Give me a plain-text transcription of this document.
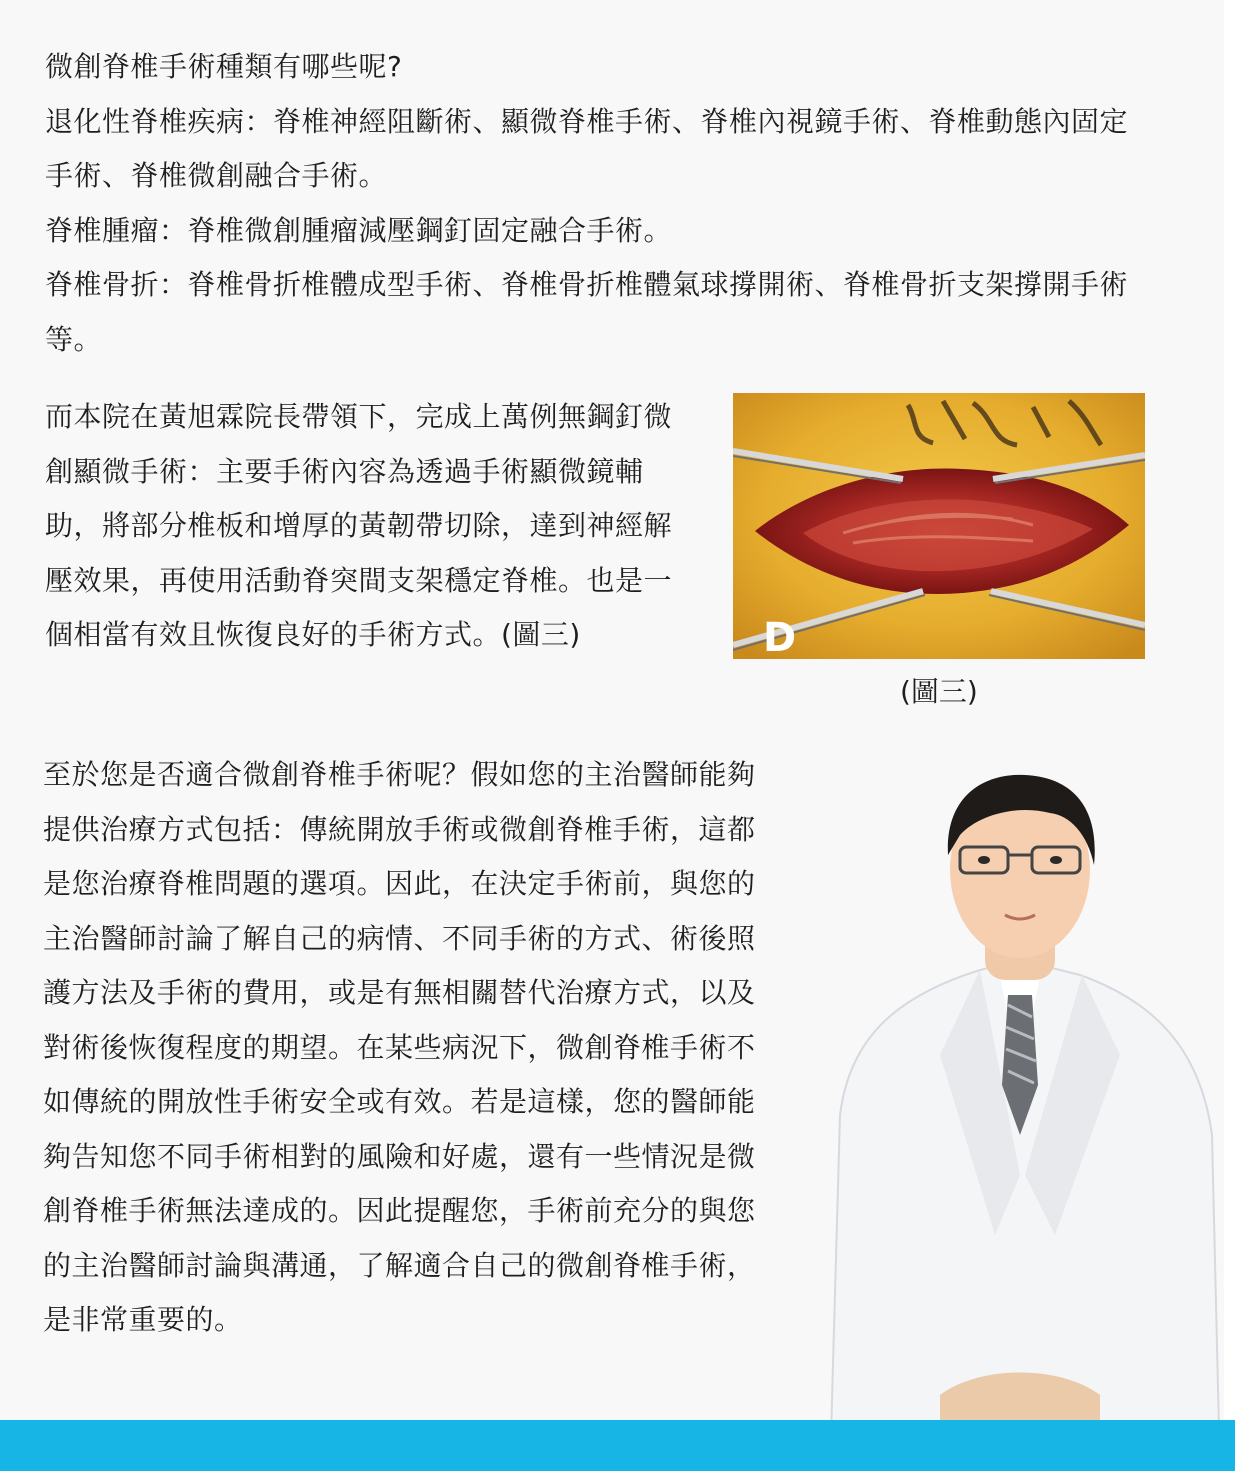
微創脊椎手術種類有哪些呢?

退化性脊椎疾病：脊椎神經阻斷術、顯微脊椎手術、脊椎內視鏡手術、脊椎動態內固定手術、脊椎微創融合手術。

脊椎腫瘤：脊椎微創腫瘤減壓鋼釘固定融合手術。

脊椎骨折：脊椎骨折椎體成型手術、脊椎骨折椎體氣球撐開術、脊椎骨折支架撐開手術等。

而本院在黃旭霖院長帶領下，完成上萬例無鋼釘微創顯微手術：主要手術內容為透過手術顯微鏡輔助，將部分椎板和增厚的黃韌帶切除，達到神經解壓效果，再使用活動脊突間支架穩定脊椎。也是一個相當有效且恢復良好的手術方式。(圖三)	D
(圖三)

至於您是否適合微創脊椎手術呢？假如您的主治醫師能夠提供治療方式包括：傳統開放手術或微創脊椎手術，這都是您治療脊椎問題的選項。因此，在決定手術前，與您的主治醫師討論了解自己的病情、不同手術的方式、術後照護方法及手術的費用，或是有無相關替代治療方式，以及對術後恢復程度的期望。在某些病況下，微創脊椎手術不如傳統的開放性手術安全或有效。若是這樣，您的醫師能夠告知您不同手術相對的風險和好處，還有一些情況是微創脊椎手術無法達成的。因此提醒您，手術前充分的與您的主治醫師討論與溝通，了解適合自己的微創脊椎手術，是非常重要的。
